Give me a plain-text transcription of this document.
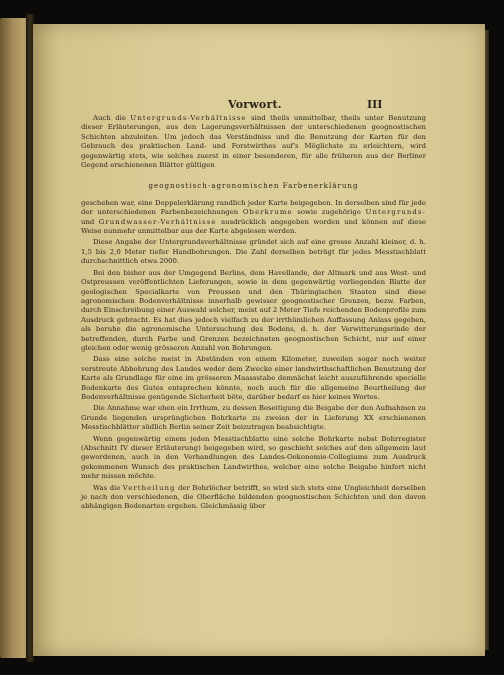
Vorwort.	III

Auch die Untergrunds-Verhältnisse sind theils unmittelbar, theils unter Benutzung dieser Erläuterungen, aus den Lagerungsverhältnissen der unterschiedenen geognostischen Schichten abzuleiten. Um jedoch das Verständniss und die Benutzung der Karten für den Gebrauch des praktischen Land- und Forstwirthes auf's Möglichste zu erleichtern, wird gegenwärtig stets, wie solches zuerst in einer besonderen, für alle früheren aus der Berliner Gegend erschienenen Blätter gültigen

geognostisch-agronomischen Farbenerklärung

geschehen war, eine Doppelerklärung randlich jeder Karte beigegeben. In derselben sind für jede der unterschiedenen Farbenbezeichnungen Oberkrume sowie zugehörige Untergrunds- und Grundwasser-Verhältnisse ausdrücklich angegeben worden und können auf diese Weise nunmehr unmittelbar aus der Karte abgelesen werden.

Diese Angabe der Untergrundsverhältnisse gründet sich auf eine grosse Anzahl kleiner, d. h. 1,5 bis 2,0 Meter tiefer Handbohrungen. Die Zahl derselben beträgt für jedes Messtischblatt durchschnittlich etwa 2000.

Bei den bisher aus der Umgegend Berlins, dem Havellande, der Altmark und aus West- und Ostpreussen veröffentlichten Lieferungen, sowie in dem gegenwärtig vorliegenden Blatte der geologischen Specialkarte von Preussen und den Thüringischen Staaten sind diese agronomischen Bodenverhältnisse innerhalb gewisser geognostischer Grenzen, bezw. Farben, durch Einschreibung einer Auswahl solcher, meist auf 2 Meter Tiefe reichenden Bodenprofile zum Ausdruck gebracht. Es hat dies jedoch vielfach zu der irrthümlichen Auffassung Anlass gegeben, als beruhe die agronomische Untersuchung des Bodens, d. h. der Verwitterungsrinde der betreffenden, durch Farbe und Grenzen bezeichneten geognostischen Schicht, nur auf einer gleichen oder wenig grösseren Anzahl von Bohrungen.

Dass eine solche meist in Abständen von einem Kilometer, zuweilen sogar noch weiter verstreute Abbohrung des Landes weder dem Zwecke einer landwirthschaftlichen Benutzung der Karte als Grundlage für eine im grösseren Maassstabe demnächst leicht auszuführende specielle Bodenkarte des Gutes entsprechen könnte, noch auch für die allgemeine Beurtheilung der Bodenverhältnisse genügende Sicherheit böte, darüber bedarf es hier keines Wortes.

Die Annahme war eben ein Irrthum, zu dessen Beseitigung die Beigabe der den Aufnahmen zu Grunde liegenden ursprünglichen Bohrkarte zu zweien der in Lieferung XX erschienenen Messtischblätter südlich Berlin seiner Zeit beizutragen beabsichtigte.

Wenn gegenwärtig einem jeden Messtischblatte eine solche Bohrkarte nebst Bohrregister (Abschnitt IV dieser Erläuterung) beigegeben wird, so geschieht solches auf den allgemein laut gewordenen, auch in den Verhandlungen des Landes-Oekonomie-Collegiums zum Ausdruck gekommenen Wunsch des praktischen Landwirthes, welcher eine solche Beigabe hinfort nicht mehr missen möchte.

Was die Vertheilung der Bohrlöcher betrifft, so wird sich stets eine Ungleichheit derselben je nach den verschiedenen, die Oberfläche bildenden geognostischen Schichten und den davon abhängigen Bodenarten ergeben. Gleichmässig über
